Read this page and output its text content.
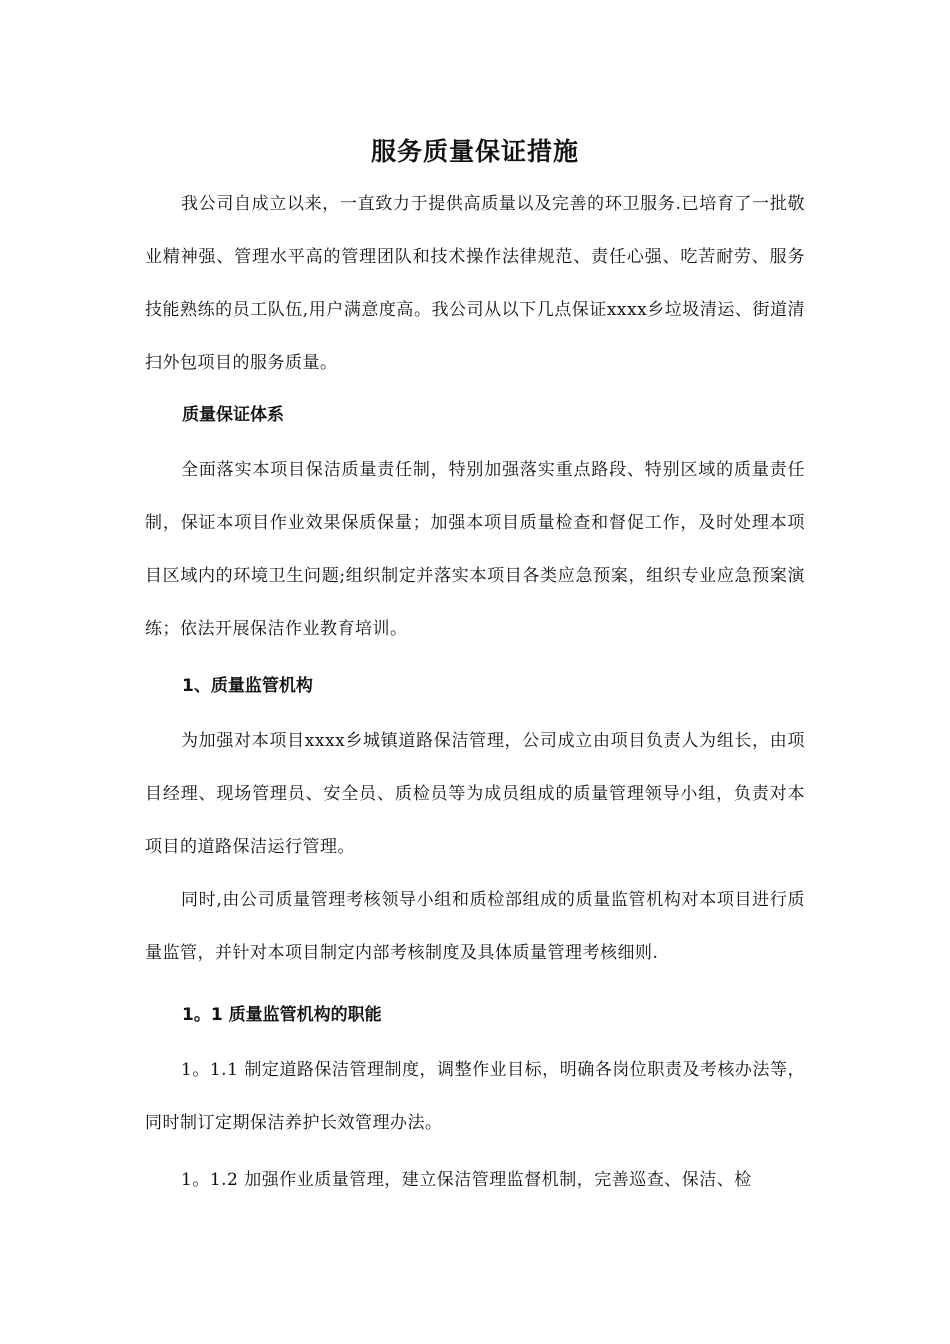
服务质量保证措施
我公司自成立以来，一直致力于提供高质量以及完善的环卫服务.已培育了一批敬业精神强、管理水平高的管理团队和技术操作法律规范、责任心强、吃苦耐劳、服务技能熟练的员工队伍,用户满意度高。我公司从以下几点保证xxxx乡垃圾清运、街道清扫外包项目的服务质量。
质量保证体系
全面落实本项目保洁质量责任制，特别加强落实重点路段、特别区域的质量责任制，保证本项目作业效果保质保量；加强本项目质量检查和督促工作，及时处理本项目区域内的环境卫生问题;组织制定并落实本项目各类应急预案，组织专业应急预案演练；依法开展保洁作业教育培训。
1、质量监管机构
为加强对本项目xxxx乡城镇道路保洁管理，公司成立由项目负责人为组长，由项目经理、现场管理员、安全员、质检员等为成员组成的质量管理领导小组，负责对本项目的道路保洁运行管理。
同时,由公司质量管理考核领导小组和质检部组成的质量监管机构对本项目进行质量监管，并针对本项目制定内部考核制度及具体质量管理考核细则.
1。1 质量监管机构的职能
1。1.1 制定道路保洁管理制度，调整作业目标，明确各岗位职责及考核办法等，同时制订定期保洁养护长效管理办法。
1。1.2 加强作业质量管理，建立保洁管理监督机制，完善巡查、保洁、检
